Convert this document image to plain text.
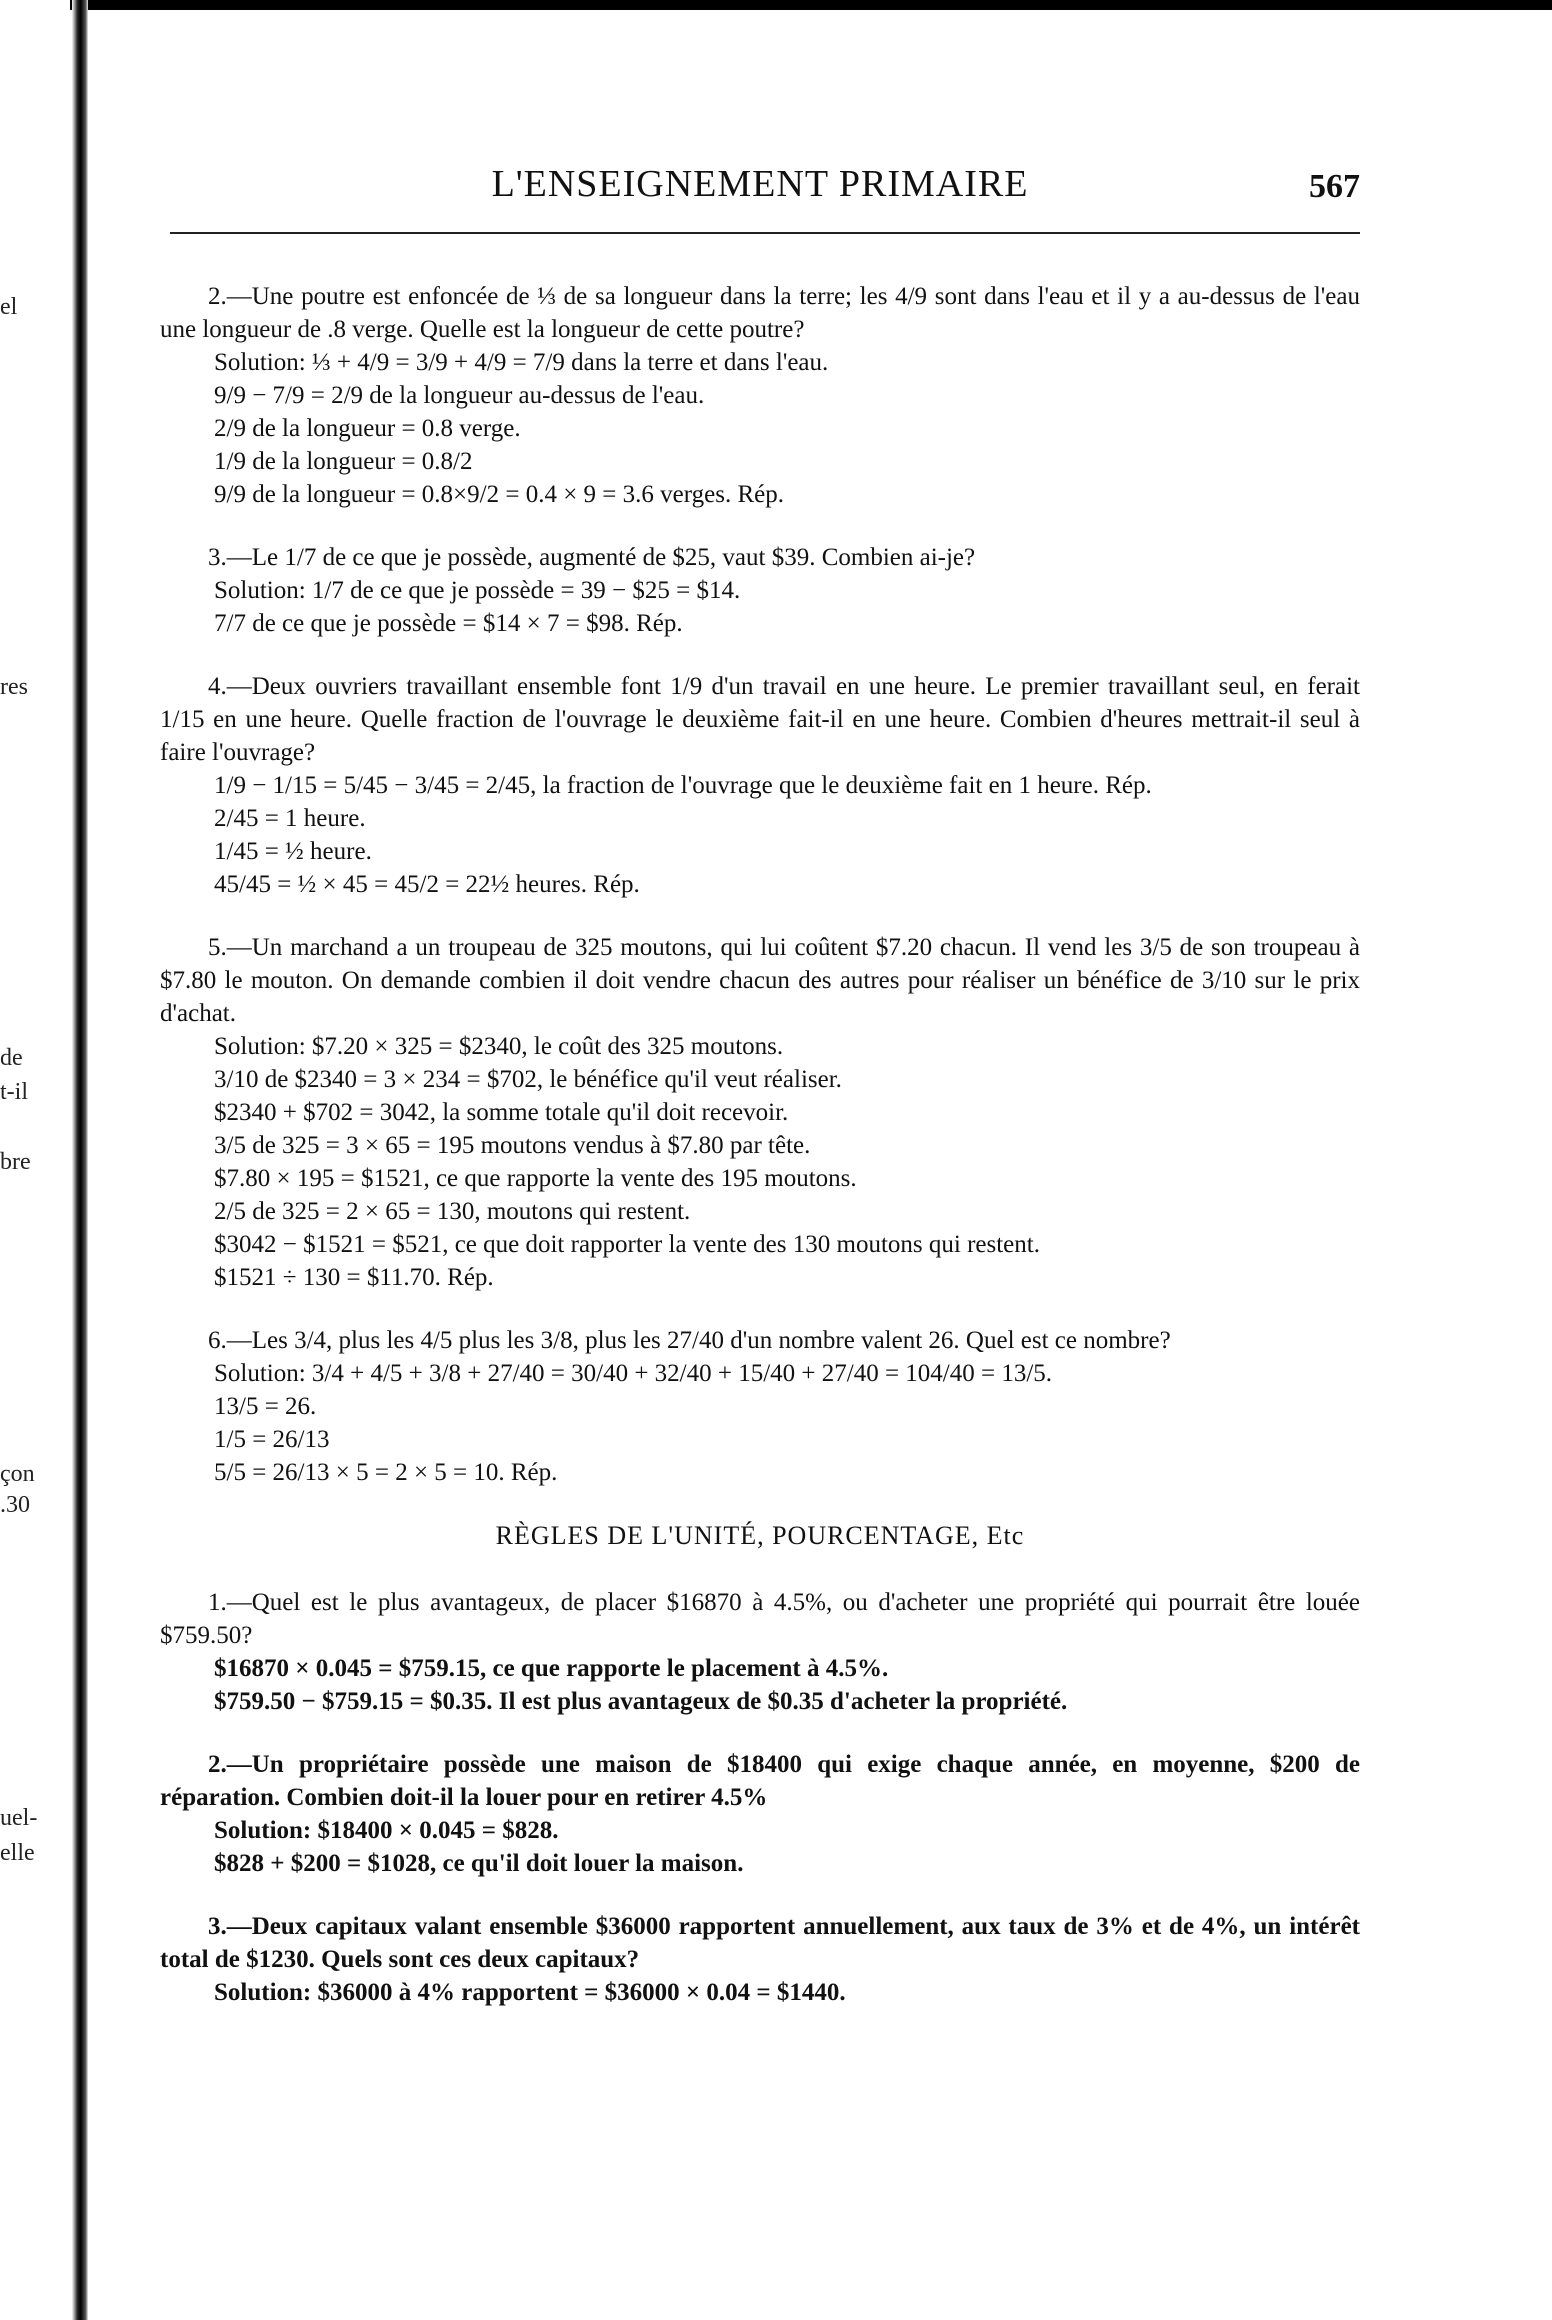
el
res
de
t-il
bre
çon
.30
uel-
elle
L'ENSEIGNEMENT PRIMAIRE	567

2.—Une poutre est enfoncée de ⅓ de sa longueur dans la terre; les 4/9 sont dans l'eau et il y a au-dessus de l'eau une longueur de .8 verge. Quelle est la longueur de cette poutre?

Solution: ⅓ + 4/9 = 3/9 + 4/9 = 7/9 dans la terre et dans l'eau.
9/9 − 7/9 = 2/9 de la longueur au-dessus de l'eau.
2/9 de la longueur = 0.8 verge.
1/9 de la longueur = 0.8/2
9/9 de la longueur = 0.8×9/2 = 0.4 × 9 = 3.6 verges. Rép.

3.—Le 1/7 de ce que je possède, augmenté de $25, vaut $39. Combien ai-je?

Solution: 1/7 de ce que je possède = 39 − $25 = $14.
7/7 de ce que je possède = $14 × 7 = $98. Rép.

4.—Deux ouvriers travaillant ensemble font 1/9 d'un travail en une heure. Le premier travaillant seul, en ferait 1/15 en une heure. Quelle fraction de l'ouvrage le deuxième fait-il en une heure. Combien d'heures mettrait-il seul à faire l'ouvrage?

1/9 − 1/15 = 5/45 − 3/45 = 2/45, la fraction de l'ouvrage que le deuxième fait en 1 heure. Rép.
2/45 = 1 heure.
1/45 = ½ heure.
45/45 = ½ × 45 = 45/2 = 22½ heures. Rép.

5.—Un marchand a un troupeau de 325 moutons, qui lui coûtent $7.20 chacun. Il vend les 3/5 de son troupeau à $7.80 le mouton. On demande combien il doit vendre chacun des autres pour réaliser un bénéfice de 3/10 sur le prix d'achat.

Solution: $7.20 × 325 = $2340, le coût des 325 moutons.
3/10 de $2340 = 3 × 234 = $702, le bénéfice qu'il veut réaliser.
$2340 + $702 = 3042, la somme totale qu'il doit recevoir.
3/5 de 325 = 3 × 65 = 195 moutons vendus à $7.80 par tête.
$7.80 × 195 = $1521, ce que rapporte la vente des 195 moutons.
2/5 de 325 = 2 × 65 = 130, moutons qui restent.
$3042 − $1521 = $521, ce que doit rapporter la vente des 130 moutons qui restent.
$1521 ÷ 130 = $11.70. Rép.

6.—Les 3/4, plus les 4/5 plus les 3/8, plus les 27/40 d'un nombre valent 26. Quel est ce nombre?

Solution: 3/4 + 4/5 + 3/8 + 27/40 = 30/40 + 32/40 + 15/40 + 27/40 = 104/40 = 13/5.
13/5 = 26.
1/5 = 26/13
5/5 = 26/13 × 5 = 2 × 5 = 10. Rép.
RÈGLES DE L'UNITÉ, POURCENTAGE, Etc

1.—Quel est le plus avantageux, de placer $16870 à 4.5%, ou d'acheter une propriété qui pourrait être louée $759.50?

$16870 × 0.045 = $759.15, ce que rapporte le placement à 4.5%.
$759.50 − $759.15 = $0.35. Il est plus avantageux de $0.35 d'acheter la propriété.

2.—Un propriétaire possède une maison de $18400 qui exige chaque année, en moyenne, $200 de réparation. Combien doit-il la louer pour en retirer 4.5%

Solution: $18400 × 0.045 = $828.
$828 + $200 = $1028, ce qu'il doit louer la maison.

3.—Deux capitaux valant ensemble $36000 rapportent annuellement, aux taux de 3% et de 4%, un intérêt total de $1230. Quels sont ces deux capitaux?

Solution: $36000 à 4% rapportent = $36000 × 0.04 = $1440.
